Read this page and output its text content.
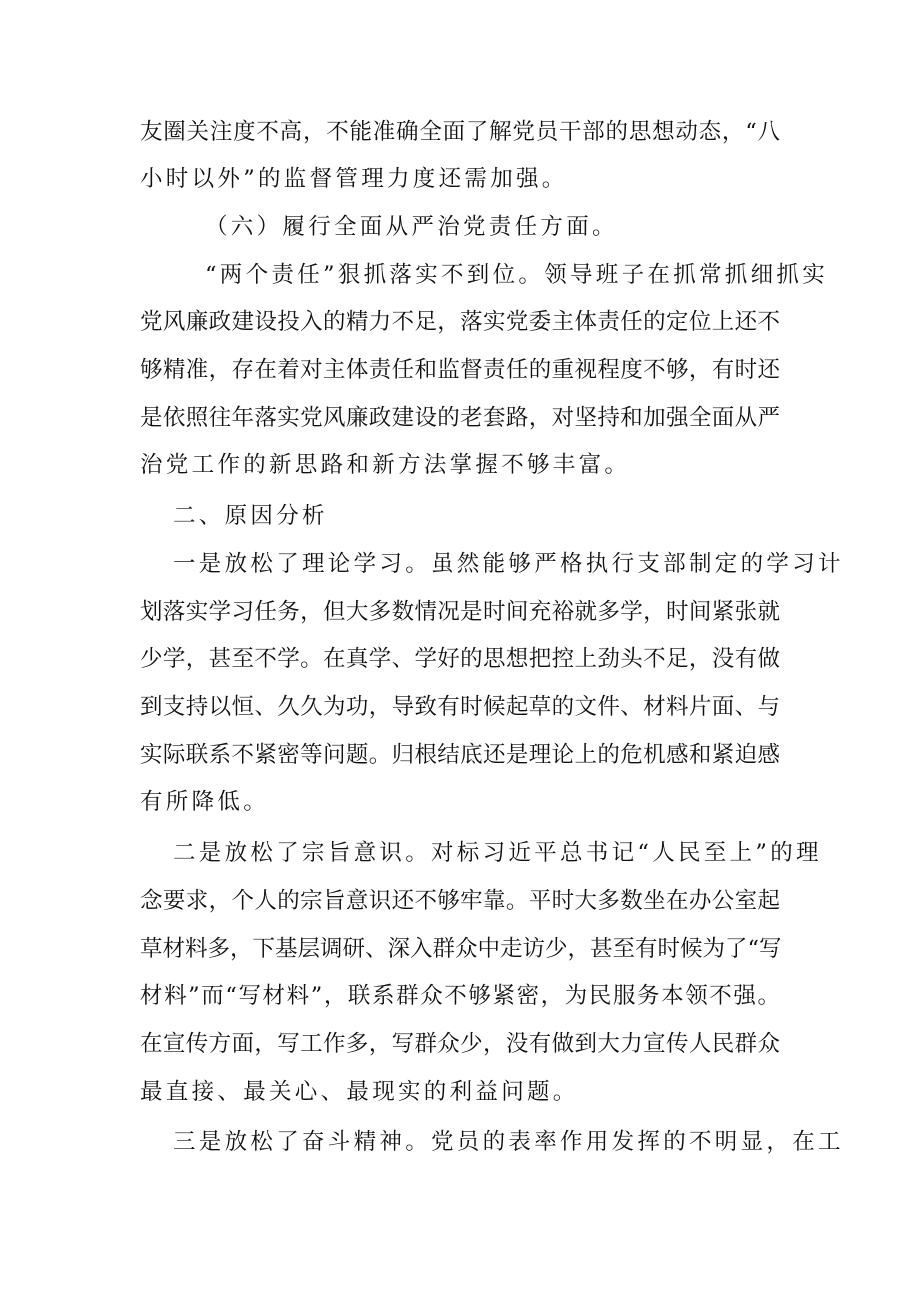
友圈关注度不高，不能准确全面了解党员干部的思想动态，“八
小时以外”的监督管理力度还需加强。
（六）履行全面从严治党责任方面。
“两个责任”狠抓落实不到位。领导班子在抓常抓细抓实
党风廉政建设投入的精力不足，落实党委主体责任的定位上还不
够精准，存在着对主体责任和监督责任的重视程度不够，有时还
是依照往年落实党风廉政建设的老套路，对坚持和加强全面从严
治党工作的新思路和新方法掌握不够丰富。
二、原因分析
一是放松了理论学习。虽然能够严格执行支部制定的学习计
划落实学习任务，但大多数情况是时间充裕就多学，时间紧张就
少学，甚至不学。在真学、学好的思想把控上劲头不足，没有做
到支持以恒、久久为功，导致有时候起草的文件、材料片面、与
实际联系不紧密等问题。归根结底还是理论上的危机感和紧迫感
有所降低。
二是放松了宗旨意识。对标习近平总书记“人民至上”的理
念要求，个人的宗旨意识还不够牢靠。平时大多数坐在办公室起
草材料多，下基层调研、深入群众中走访少，甚至有时候为了“写
材料”而“写材料”，联系群众不够紧密，为民服务本领不强。
在宣传方面，写工作多，写群众少，没有做到大力宣传人民群众
最直接、最关心、最现实的利益问题。
三是放松了奋斗精神。党员的表率作用发挥的不明显，在工
